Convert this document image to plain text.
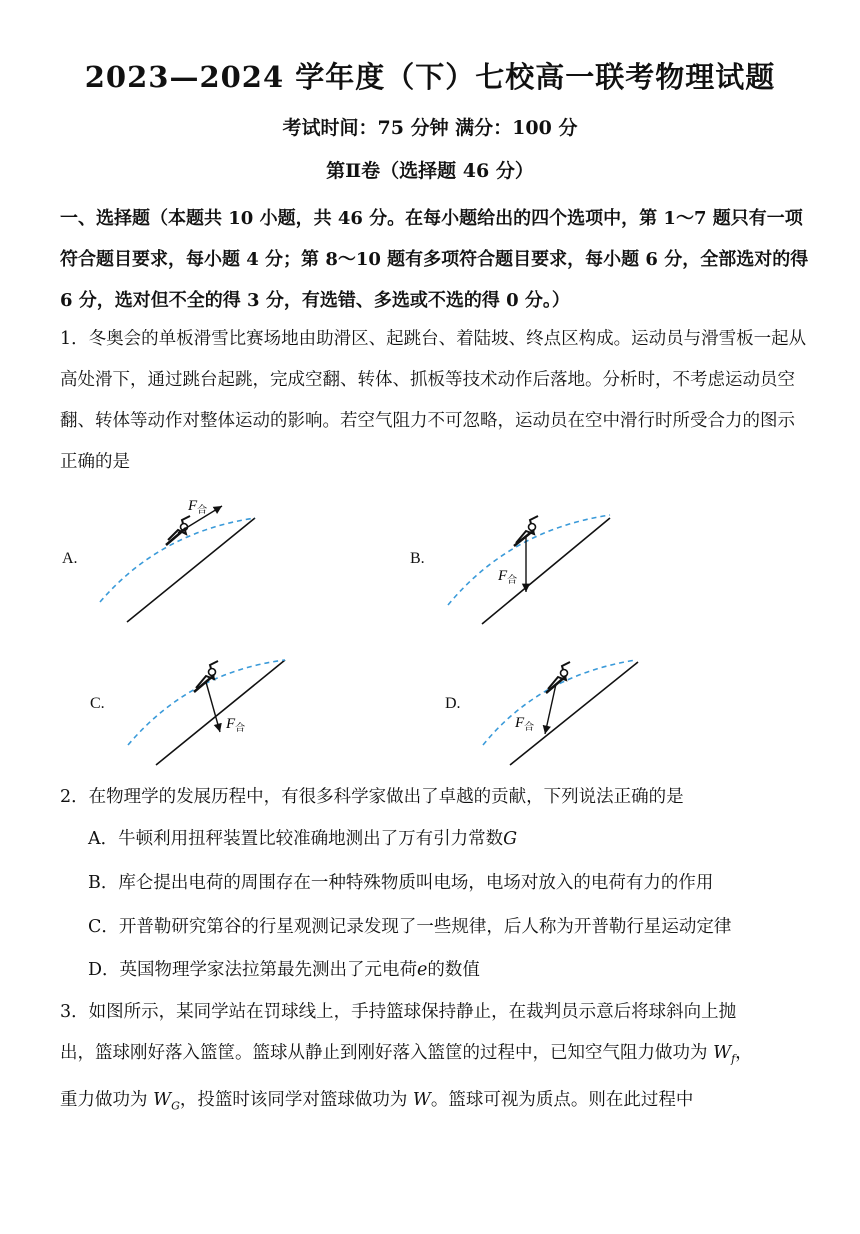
2023—2024 学年度（下）七校高一联考物理试题
考试时间：75 分钟 满分：100 分
第Ⅱ卷（选择题 46 分）
一、选择题（本题共 10 小题，共 46 分。在每小题给出的四个选项中，第 1～7 题只有一项符合题目要求，每小题 4 分；第 8～10 题有多项符合题目要求，每小题 6 分，全部选对的得 6 分，选对但不全的得 3 分，有选错、多选或不选的得 0 分。）
1．冬奥会的单板滑雪比赛场地由助滑区、起跳台、着陆坡、终点区构成。运动员与滑雪板一起从高处滑下，通过跳台起跳，完成空翻、转体、抓板等技术动作后落地。分析时，不考虑运动员空翻、转体等动作对整体运动的影响。若空气阻力不可忽略，运动员在空中滑行时所受合力的图示正确的是
A.	B.
C.	D.
$F_合$
$F_合$
$F_合$	$F_合$
2．在物理学的发展历程中，有很多科学家做出了卓越的贡献，下列说法正确的是
A．牛顿利用扭秤装置比较准确地测出了万有引力常数G
B．库仑提出电荷的周围存在一种特殊物质叫电场，电场对放入的电荷有力的作用
C．开普勒研究第谷的行星观测记录发现了一些规律，后人称为开普勒行星运动定律
D．英国物理学家法拉第最先测出了元电荷e的数值
3．如图所示，某同学站在罚球线上，手持篮球保持静止，在裁判员示意后将球斜向上抛
出，篮球刚好落入篮筐。篮球从静止到刚好落入篮筐的过程中，已知空气阻力做功为 $W_f$，
重力做功为 $W_G$，投篮时该同学对篮球做功为 W。篮球可视为质点。则在此过程中
